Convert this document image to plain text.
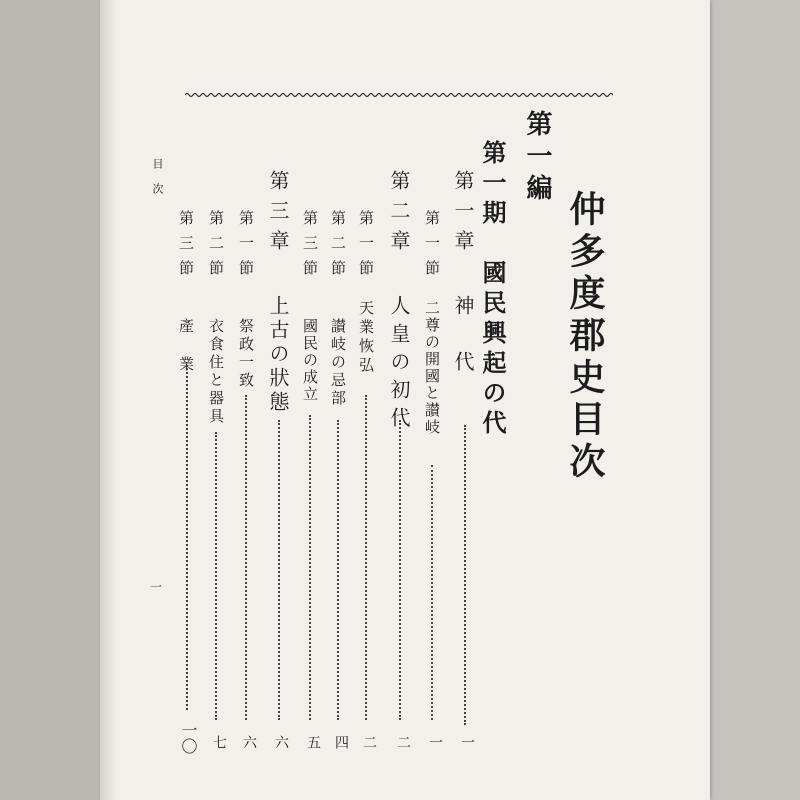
仲多度郡史目次
第一編
第一期　國民興起の代
第一章
神　代
一
第一節
二尊の開國と讃岐
一
第二章
人皇の初代
二
第一節
天業恢弘
二
第二節
讃岐の忌部
四
第三節
國民の成立
五
第三章
上古の狀態
六
第一節
祭政一致
六
第二節
衣食住と器具
七
第三節
產　業
一〇
目次
一
